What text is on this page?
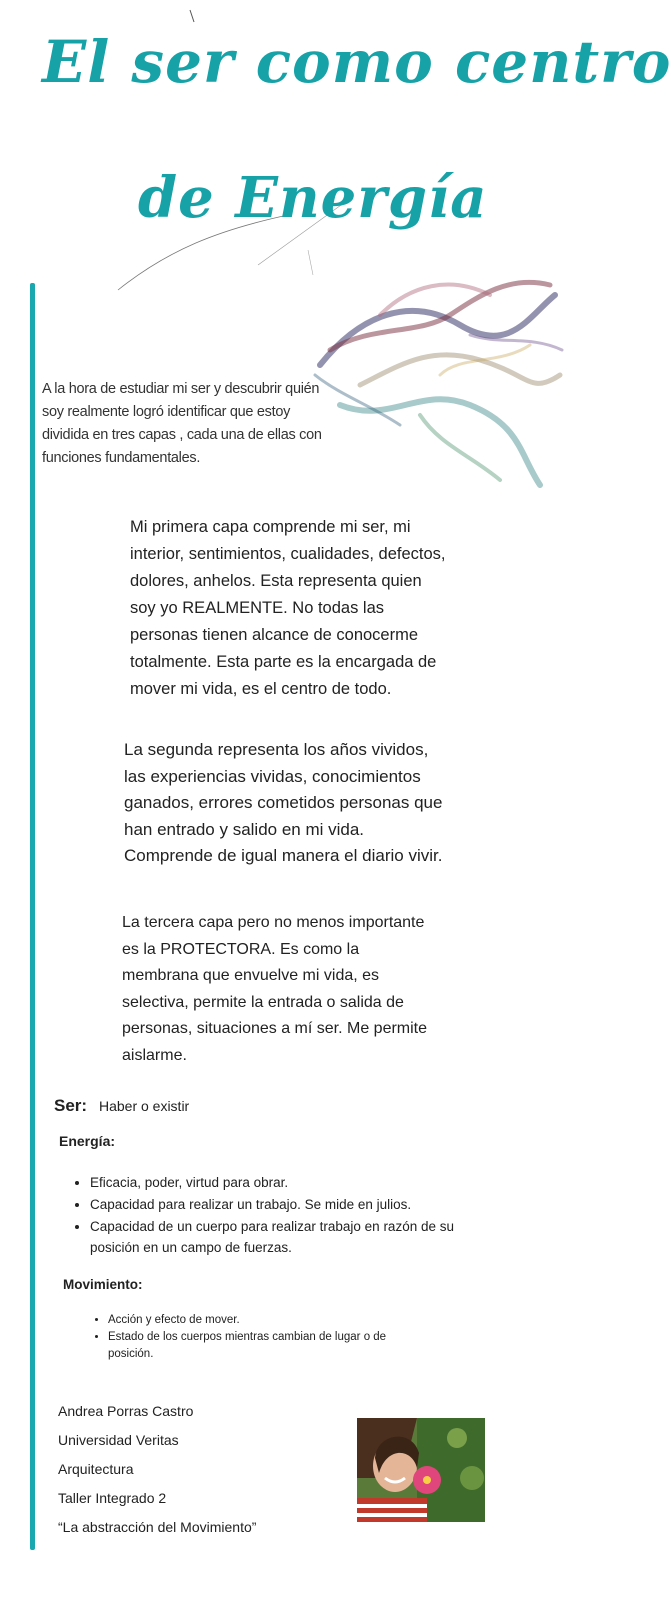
El ser como centro
de Energía

A la hora de estudiar mi ser y descubrir quién soy realmente logró identificar que estoy dividida en tres capas , cada una de ellas con funciones fundamentales.

Mi primera capa comprende mi ser, mi interior, sentimientos, cualidades, defectos, dolores, anhelos. Esta representa quien soy yo REALMENTE. No todas las personas tienen alcance de conocerme totalmente. Esta parte es la encargada de mover mi vida, es el centro de todo.

La segunda representa los años vividos, las experiencias vividas, conocimientos ganados, errores cometidos personas que han entrado y salido en mi vida. Comprende de igual manera el diario vivir.

La tercera capa pero no menos importante es la PROTECTORA. Es como la membrana que envuelve mi vida, es selectiva, permite la entrada o salida de personas, situaciones a mí ser. Me permite aislarme.

Ser: Haber o existir
Energía:
• Eficacia, poder, virtud para obrar.
• Capacidad para realizar un trabajo. Se mide en julios.
• Capacidad de un cuerpo para realizar trabajo en razón de su posición en un campo de fuerzas.
Movimiento:
• Acción y efecto de mover.
• Estado de los cuerpos mientras cambian de lugar o de posición.
Andrea Porras Castro
Universidad Veritas
Arquitectura
Taller Integrado 2
“La abstracción del Movimiento”
